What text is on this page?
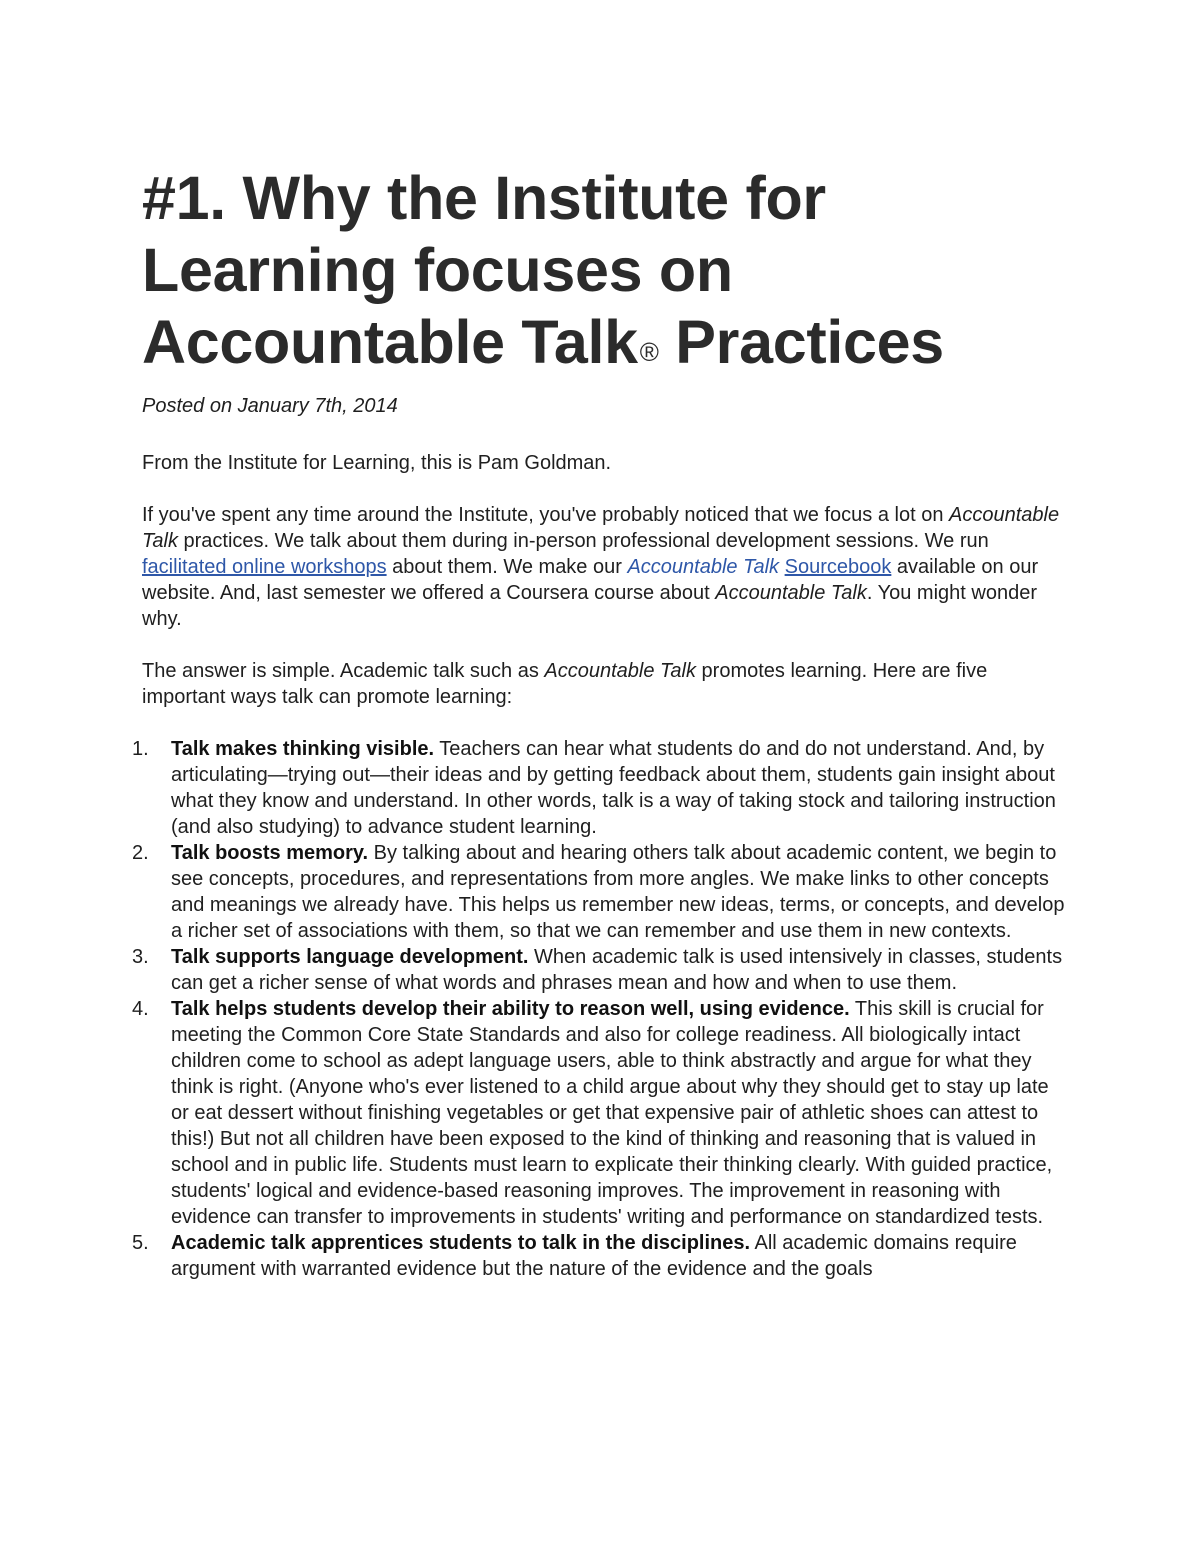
#1. Why the Institute for Learning focuses on Accountable Talk® Practices

Posted on January 7th, 2014

From the Institute for Learning, this is Pam Goldman.

If you've spent any time around the Institute, you've probably noticed that we focus a lot on Accountable Talk practices. We talk about them during in-person professional development sessions. We run facilitated online workshops about them. We make our Accountable Talk Sourcebook available on our website. And, last semester we offered a Coursera course about Accountable Talk. You might wonder why.

The answer is simple. Academic talk such as Accountable Talk promotes learning. Here are five important ways talk can promote learning:

1. Talk makes thinking visible. Teachers can hear what students do and do not understand. And, by articulating—trying out—their ideas and by getting feedback about them, students gain insight about what they know and understand. In other words, talk is a way of taking stock and tailoring instruction (and also studying) to advance student learning.
2. Talk boosts memory. By talking about and hearing others talk about academic content, we begin to see concepts, procedures, and representations from more angles. We make links to other concepts and meanings we already have. This helps us remember new ideas, terms, or concepts, and develop a richer set of associations with them, so that we can remember and use them in new contexts.
3. Talk supports language development. When academic talk is used intensively in classes, students can get a richer sense of what words and phrases mean and how and when to use them.
4. Talk helps students develop their ability to reason well, using evidence. This skill is crucial for meeting the Common Core State Standards and also for college readiness. All biologically intact children come to school as adept language users, able to think abstractly and argue for what they think is right. (Anyone who's ever listened to a child argue about why they should get to stay up late or eat dessert without finishing vegetables or get that expensive pair of athletic shoes can attest to this!) But not all children have been exposed to the kind of thinking and reasoning that is valued in school and in public life. Students must learn to explicate their thinking clearly. With guided practice, students' logical and evidence-based reasoning improves. The improvement in reasoning with evidence can transfer to improvements in students' writing and performance on standardized tests.
5. Academic talk apprentices students to talk in the disciplines. All academic domains require argument with warranted evidence but the nature of the evidence and the goals
